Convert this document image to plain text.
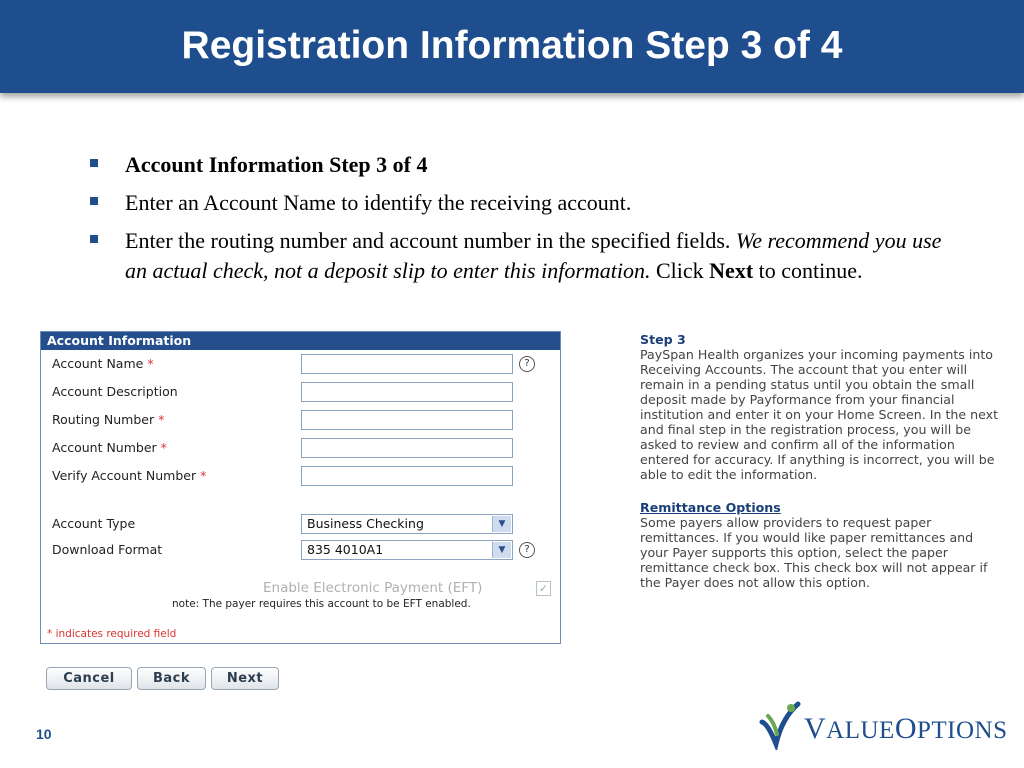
Registration Information Step 3 of 4
Account Information Step 3 of 4
Enter an Account Name to identify the receiving account.
Enter the routing number and account number in the specified fields. We recommend you use an actual check, not a deposit slip to enter this information. Click Next to continue.
Account Information
Account Name *	?
Account Description
Routing Number *
Account Number *
Verify Account Number *
Account Type	Business Checking	▼
Download Format	835 4010A1	▼	?
Enable Electronic Payment (EFT)	✓
note: The payer requires this account to be EFT enabled.
* indicates required field
Cancel	Back	Next
Step 3

PaySpan Health organizes your incoming payments into Receiving Accounts. The account that you enter will remain in a pending status until you obtain the small deposit made by Payformance from your financial institution and enter it on your Home Screen. In the next and final step in the registration process, you will be asked to review and confirm all of the information entered for accuracy. If anything is incorrect, you will be able to edit the information.

Remittance Options

Some payers allow providers to request paper remittances. If you would like paper remittances and your Payer supports this option, select the paper remittance check box. This check box will not appear if the Payer does not allow this option.

10	VALUEOPTIONS
